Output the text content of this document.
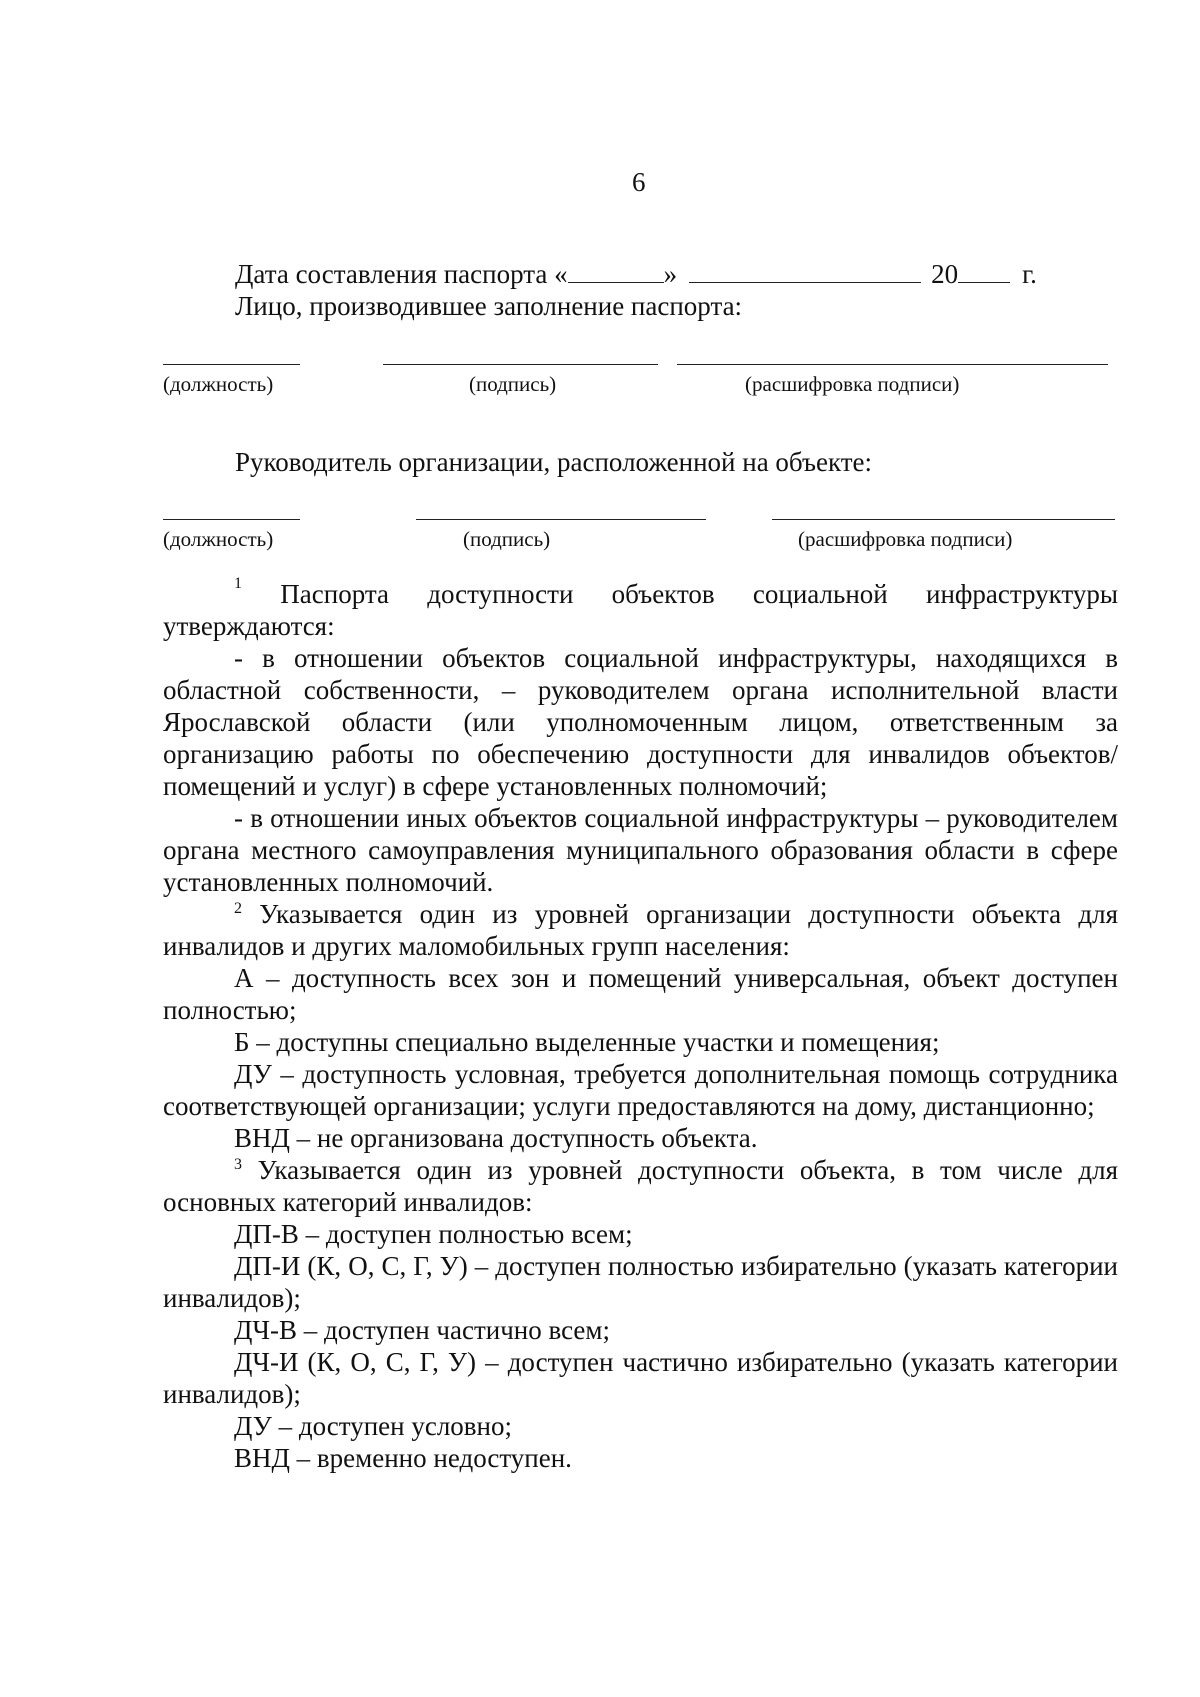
6
Дата составления паспорта «	»	20 г.
Лицо, производившее заполнение паспорта:
(должность)	(подпись)	(расшифровка подписи)
Руководитель организации, расположенной на объекте:
(должность)	(подпись)	(расшифровка подписи)
1 Паспорта доступности объектов социальной инфраструктуры

утверждаются:

- в отношении объектов социальной инфраструктуры, находящихся в областной собственности, – руководителем органа исполнительной власти Ярославской области (или уполномоченным лицом, ответственным за организацию работы по обеспечению доступности для инвалидов объектов/ помещений и услуг) в сфере установленных полномочий;

- в отношении иных объектов социальной инфраструктуры – руководителем органа местного самоуправления муниципального образования области в сфере установленных полномочий.

$^2$ Указывается один из уровней организации доступности объекта для инвалидов и других маломобильных групп населения:

А – доступность всех зон и помещений универсальная, объект доступен полностью;

Б – доступны специально выделенные участки и помещения;

ДУ – доступность условная, требуется дополнительная помощь сотрудника соответствующей организации; услуги предоставляются на дому, дистанционно;

ВНД – не организована доступность объекта.

$^3$ Указывается один из уровней доступности объекта, в том числе для основных категорий инвалидов:

ДП-В – доступен полностью всем;

ДП-И (К, О, С, Г, У) – доступен полностью избирательно (указать категории инвалидов);

ДЧ-В – доступен частично всем;

ДЧ-И (К, О, С, Г, У) – доступен частично избирательно (указать категории инвалидов);

ДУ – доступен условно;

ВНД – временно недоступен.
